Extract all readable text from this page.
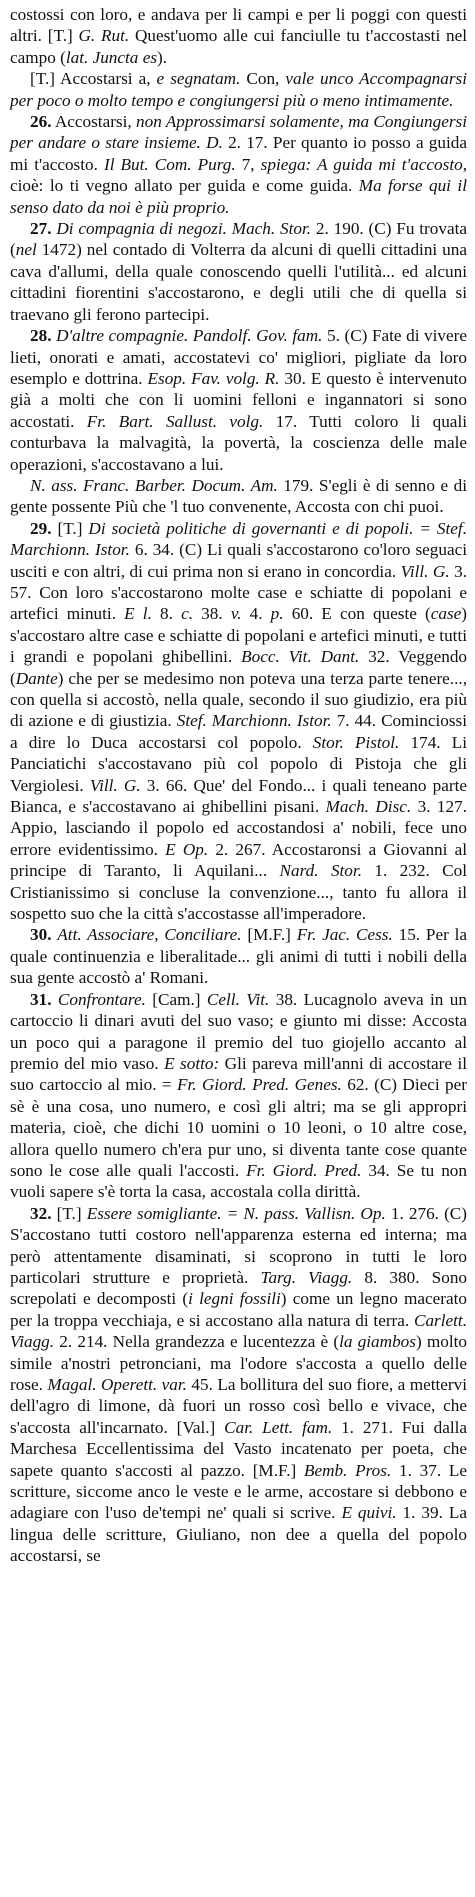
costossi con loro, e andava per li campi e per li poggi con questi altri. [T.] G. Rut. Quest'uomo alle cui fanciulle tu t'accostasti nel campo (lat. Juncta es).

[T.] Accostarsi a, e segnatam. Con, vale unco Accompagnarsi per poco o molto tempo e congiungersi più o meno intimamente.

26. Accostarsi, non Approssimarsi solamente, ma Congiungersi per andare o stare insieme. D. 2. 17. Per quanto io posso a guida mi t'accosto. Il But. Com. Purg. 7, spiega: A guida mi t'accosto, cioè: lo ti vegno allato per guida e come guida. Ma forse qui il senso dato da noi è più proprio.

27. Di compagnia di negozi. Mach. Stor. 2. 190. (C) Fu trovata (nel 1472) nel contado di Volterra da alcuni di quelli cittadini una cava d'allumi, della quale conoscendo quelli l'utilità... ed alcuni cittadini fiorentini s'accostarono, e degli utili che di quella si traevano gli ferono partecipi.

28. D'altre compagnie. Pandolf. Gov. fam. 5. (C) Fate di vivere lieti, onorati e amati, accostatevi co' migliori, pigliate da loro esemplo e dottrina. Esop. Fav. volg. R. 30. E questo è intervenuto già a molti che con li uomini felloni e ingannatori si sono accostati. Fr. Bart. Sallust. volg. 17. Tutti coloro li quali conturbava la malvagità, la povertà, la coscienza delle male operazioni, s'accostavano a lui.

N. ass. Franc. Barber. Docum. Am. 179. S'egli è di senno e di gente possente Più che 'l tuo convenente, Accosta con chi puoi.

29. [T.] Di società politiche di governanti e di popoli. = Stef. Marchionn. Istor. 6. 34. (C) Li quali s'accostarono co'loro seguaci usciti e con altri, di cui prima non si erano in concordia. Vill. G. 3. 57. Con loro s'accostarono molte case e schiatte di popolani e artefici minuti. E l. 8. c. 38. v. 4. p. 60. E con queste (case) s'accostaro altre case e schiatte di popolani e artefici minuti, e tutti i grandi e popolani ghibellini. Bocc. Vit. Dant. 32. Veggendo (Dante) che per se medesimo non poteva una terza parte tenere..., con quella si accostò, nella quale, secondo il suo giudizio, era più di azione e di giustizia. Stef. Marchionn. Istor. 7. 44. Cominciossi a dire lo Duca accostarsi col popolo. Stor. Pistol. 174. Li Panciatichi s'accostavano più col popolo di Pistoja che gli Vergiolesi. Vill. G. 3. 66. Que' del Fondo... i quali teneano parte Bianca, e s'accostavano ai ghibellini pisani. Mach. Disc. 3. 127. Appio, lasciando il popolo ed accostandosi a' nobili, fece uno errore evidentissimo. E Op. 2. 267. Accostaronsi a Giovanni al principe di Taranto, li Aquilani... Nard. Stor. 1. 232. Col Cristianissimo si concluse la convenzione..., tanto fu allora il sospetto suo che la città s'accostasse all'imperadore.

30. Att. Associare, Conciliare. [M.F.] Fr. Jac. Cess. 15. Per la quale continuenzia e liberalitade... gli animi di tutti i nobili della sua gente accostò a' Romani.

31. Confrontare. [Cam.] Cell. Vit. 38. Lucagnolo aveva in un cartoccio li dinari avuti del suo vaso; e giunto mi disse: Accosta un poco qui a paragone il premio del tuo giojello accanto al premio del mio vaso. E sotto: Gli pareva mill'anni di accostare il suo cartoccio al mio. = Fr. Giord. Pred. Genes. 62. (C) Dieci per sè è una cosa, uno numero, e così gli altri; ma se gli appropri materia, cioè, che dichi 10 uomini o 10 leoni, o 10 altre cose, allora quello numero ch'era pur uno, si diventa tante cose quante sono le cose alle quali l'accosti. Fr. Giord. Pred. 34. Se tu non vuoli sapere s'è torta la casa, accostala colla dirittà.

32. [T.] Essere somigliante. = N. pass. Vallisn. Op. 1. 276. (C) S'accostano tutti costoro nell'apparenza esterna ed interna; ma però attentamente disaminati, si scoprono in tutti le loro particolari strutture e proprietà. Targ. Viagg. 8. 380. Sono screpolati e decomposti (i legni fossili) come un legno macerato per la troppa vecchiaja, e si accostano alla natura di terra. Carlett. Viagg. 2. 214. Nella grandezza e lucentezza è (la giambos) molto simile a'nostri petronciani, ma l'odore s'accosta a quello delle rose. Magal. Operett. var. 45. La bollitura del suo fiore, a mettervi dell'agro di limone, dà fuori un rosso così bello e vivace, che s'accosta all'incarnato. [Val.] Car. Lett. fam. 1. 271. Fui dalla Marchesa Eccellentissima del Vasto incatenato per poeta, che sapete quanto s'accosti al pazzo. [M.F.] Bemb. Pros. 1. 37. Le scritture, siccome anco le veste e le arme, accostare si debbono e adagiare con l'uso de'tempi ne' quali si scrive. E quivi. 1. 39. La lingua delle scritture, Giuliano, non dee a quella del popolo accostarsi, se
